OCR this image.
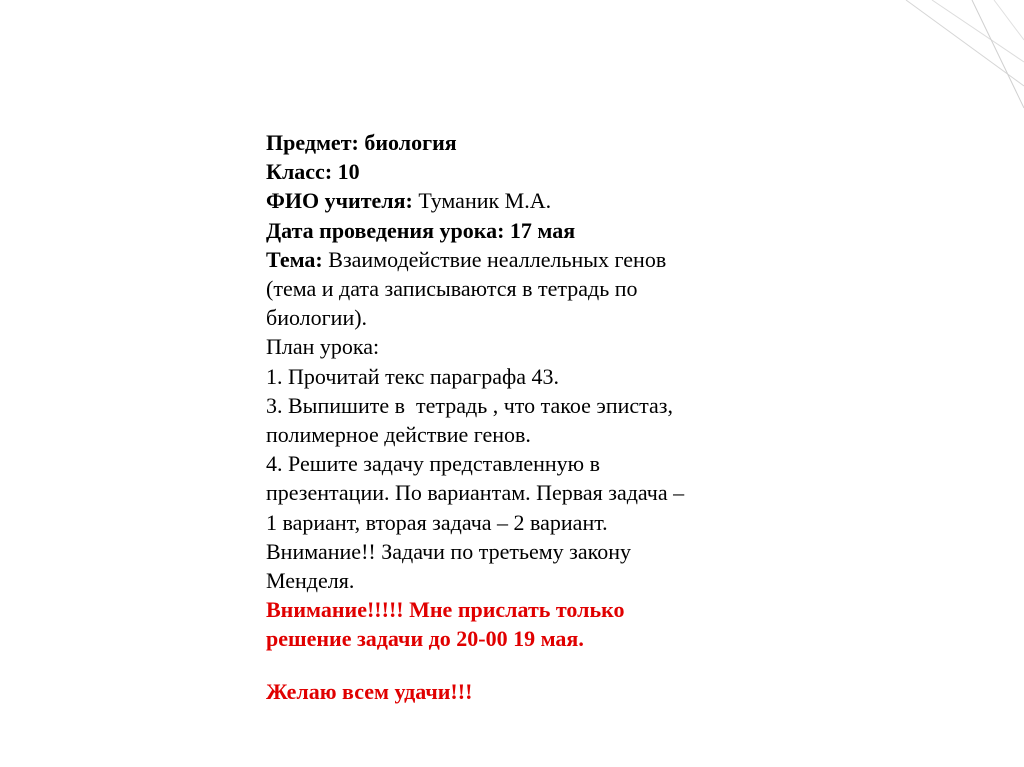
Предмет: биология
Класс: 10
ФИО учителя: Туманик М.А.
Дата проведения урока: 17 мая
Тема: Взаимодействие неаллельных генов
(тема и дата записываются в тетрадь по
биологии).
План урока:
1. Прочитай текс параграфа 43.
3. Выпишите в  тетрадь , что такое эпистаз,
полимерное действие генов.
4. Решите задачу представленную в
презентации. По вариантам. Первая задача –
1 вариант, вторая задача – 2 вариант.
Внимание!! Задачи по третьему закону
Менделя.
Внимание!!!!! Мне прислать только
решение задачи до 20-00 19 мая.
Желаю всем удачи!!!
